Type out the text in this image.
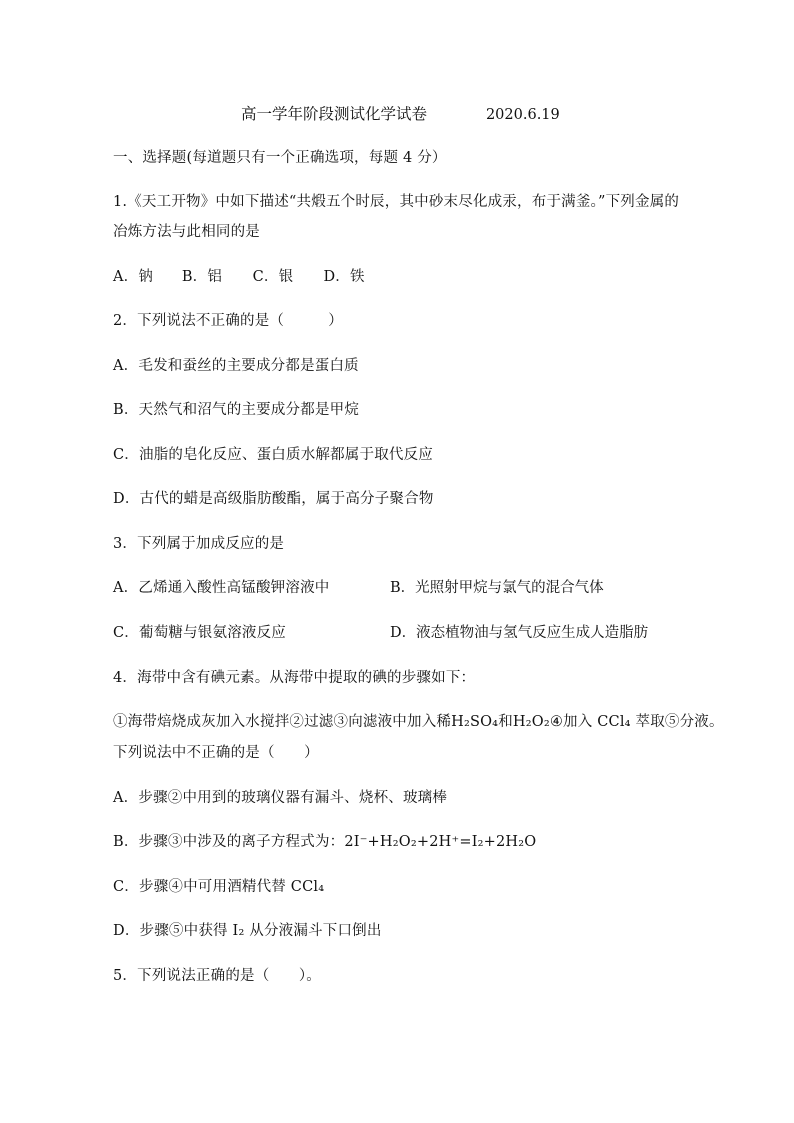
高一学年阶段测试化学试卷	2020.6.19
一、选择题(每道题只有一个正确选项，每题 4 分）
1.《天工开物》中如下描述“共煅五个时辰，其中砂末尽化成汞，布于满釜。”下列金属的
冶炼方法与此相同的是
A．钠 B．铝 C．银 D．铁
2．下列说法不正确的是（　　　）
A．毛发和蚕丝的主要成分都是蛋白质
B．天然气和沼气的主要成分都是甲烷
C．油脂的皂化反应、蛋白质水解都属于取代反应
D．古代的蜡是高级脂肪酸酯，属于高分子聚合物
3．下列属于加成反应的是
A．乙烯通入酸性高锰酸钾溶液中	B．光照射甲烷与氯气的混合气体
C．葡萄糖与银氨溶液反应	D．液态植物油与氢气反应生成人造脂肪
4．海带中含有碘元素。从海带中提取的碘的步骤如下：
①海带焙烧成灰加入水搅拌②过滤③向滤液中加入稀H₂SO₄和H₂O₂④加入 CCl₄ 萃取⑤分液。
下列说法中不正确的是（　　）
A．步骤②中用到的玻璃仪器有漏斗、烧杯、玻璃棒
B．步骤③中涉及的离子方程式为：2I⁻+H₂O₂+2H⁺=I₂+2H₂O
C．步骤④中可用酒精代替 CCl₄
D．步骤⑤中获得 I₂ 从分液漏斗下口倒出
5．下列说法正确的是（　　）。
